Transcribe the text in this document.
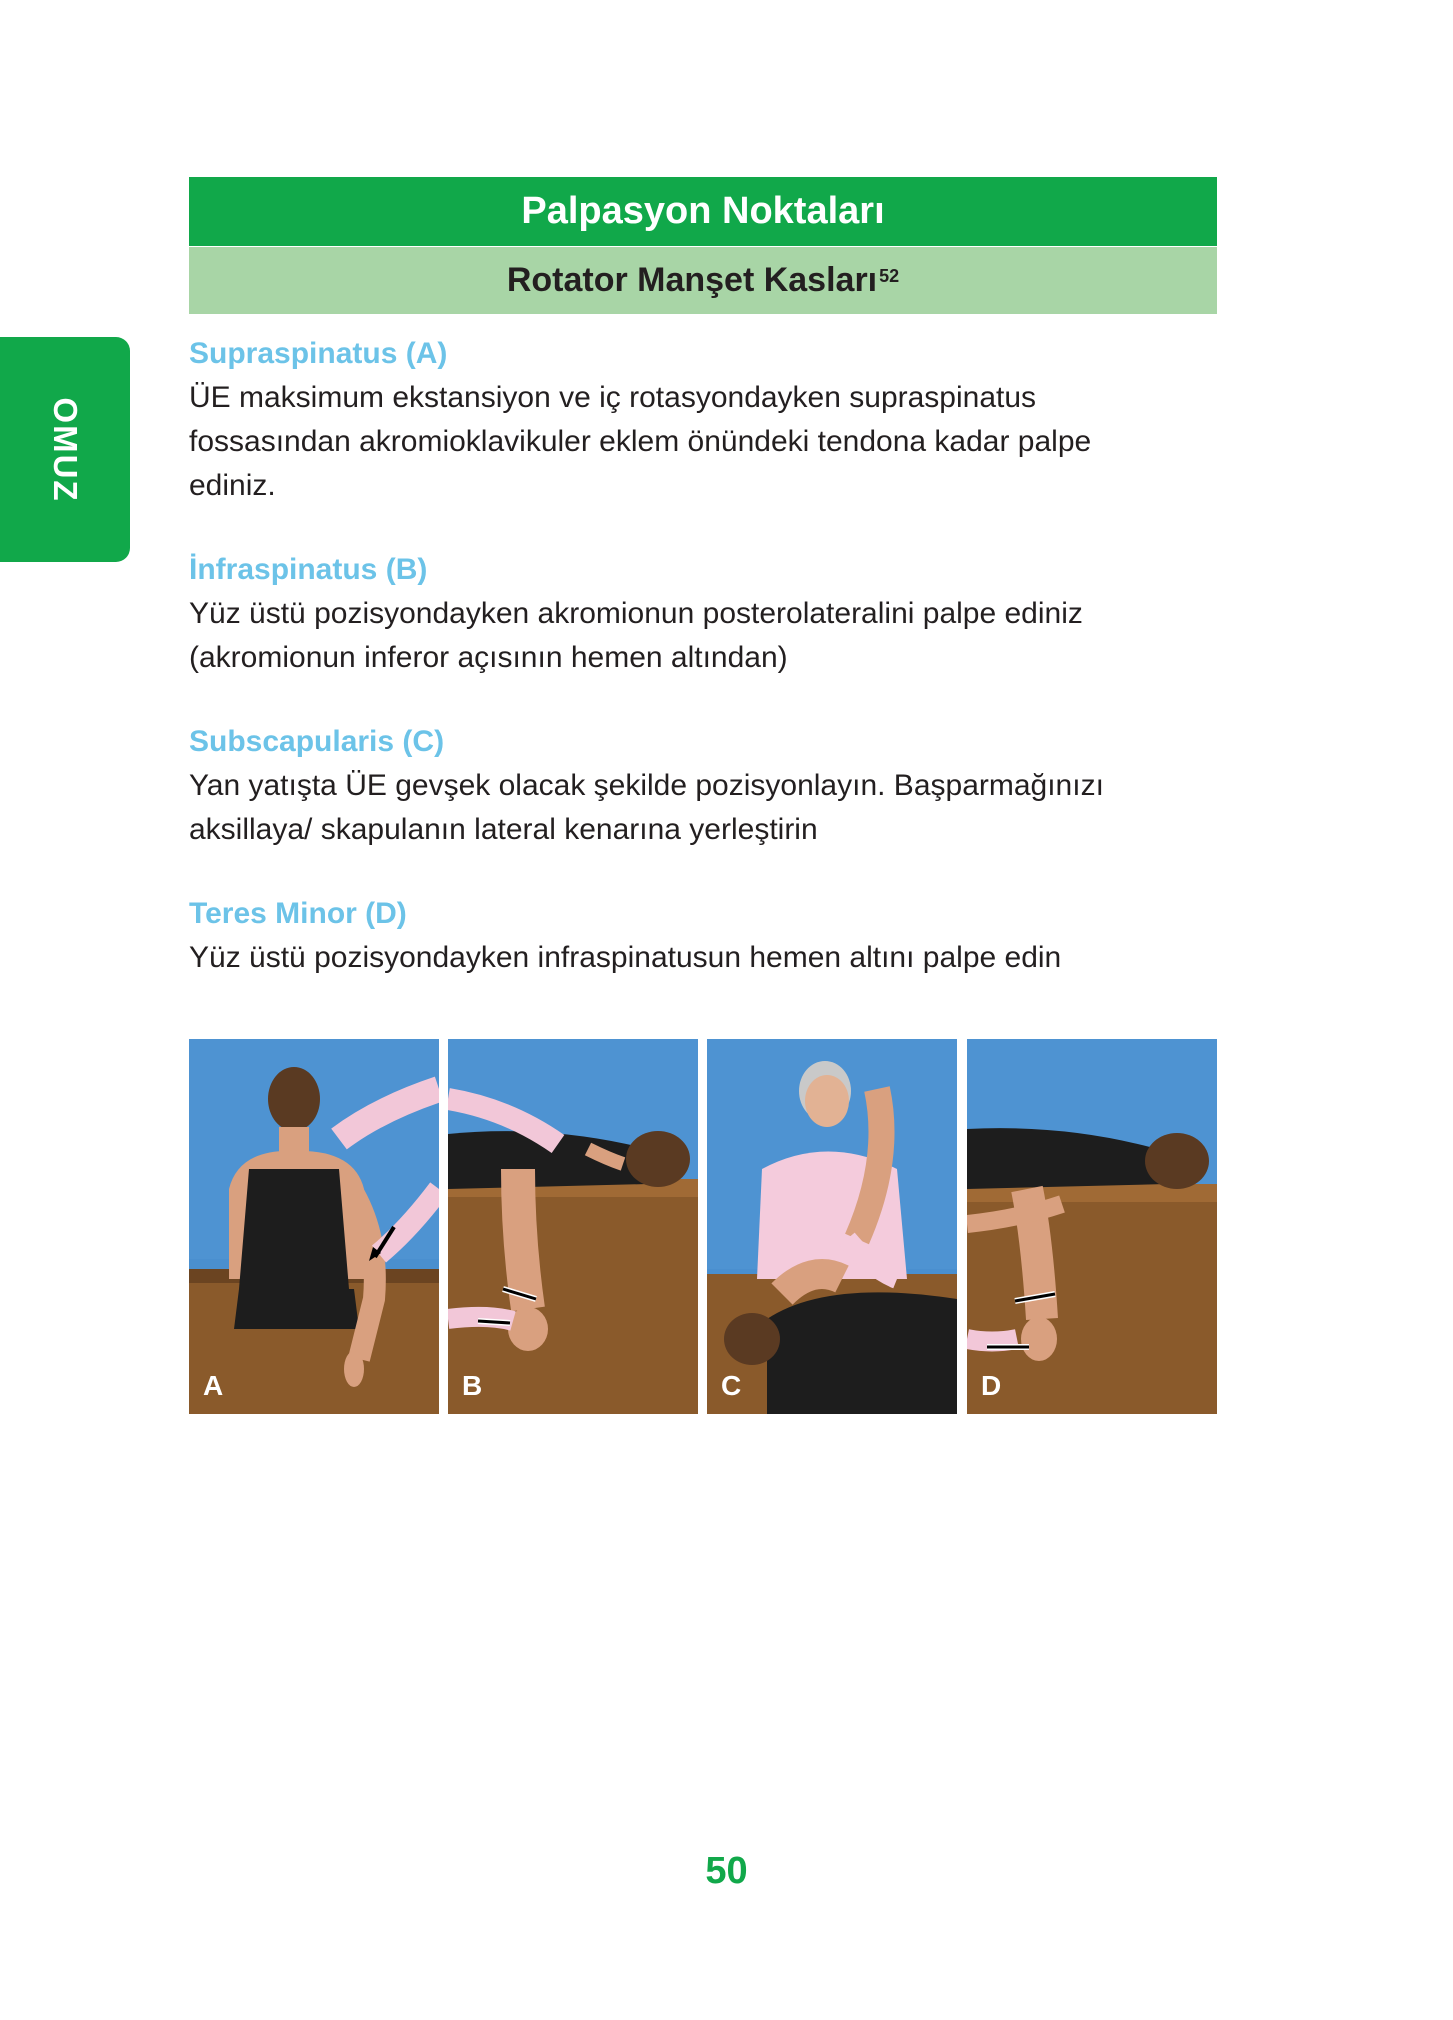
OMUZ
Palpasyon Noktaları
Rotator Manşet Kasları$^{52}$
Supraspinatus (A)

ÜE maksimum ekstansiyon ve iç rotasyondayken supraspinatus
fossasından akromioklavikuler eklem önündeki tendona kadar palpe
ediniz.

İnfraspinatus (B)

Yüz üstü pozisyondayken akromionun posterolateralini palpe ediniz
(akromionun inferor açısının hemen altından)

Subscapularis (C)

Yan yatışta ÜE gevşek olacak şekilde pozisyonlayın. Başparmağınızı
aksillaya/ skapulanın lateral kenarına yerleştirin

Teres Minor (D)

Yüz üstü pozisyondayken infraspinatusun hemen altını palpe edin

A	B	C	D
50
